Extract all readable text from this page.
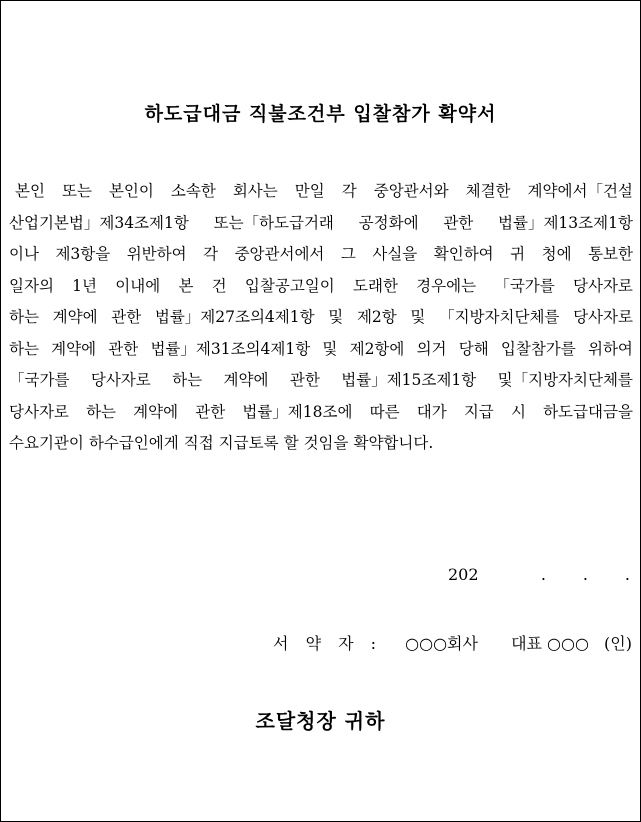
하도급대금 직불조건부 입찰참가 확약서
본인 또는 본인이 소속한 회사는 만일 각 중앙관서와 체결한 계약에서「건설
산업기본법」제34조제1항 또는「하도급거래 공정화에 관한 법률」제13조제1항
이나 제3항을 위반하여 각 중앙관서에서 그 사실을 확인하여 귀 청에 통보한
일자의 1년 이내에 본 건 입찰공고일이 도래한 경우에는 「국가를 당사자로
하는 계약에 관한 법률」제27조의4제1항 및 제2항 및 「지방자치단체를 당사자로
하는 계약에 관한 법률」제31조의4제1항 및 제2항에 의거 당해 입찰참가를 위하여
「국가를 당사자로 하는 계약에 관한 법률」제15조제1항 및「지방자치단체를
당사자로 하는 계약에 관한 법률」제18조에 따른 대가 지급 시 하도급대금을
수요기관이 하수급인에게 직접 지급토록 할 것임을 확약합니다.
202	.	.	.
서 약 자 : ○○○회사 대표 ○○○ (인)
조달청장 귀하
